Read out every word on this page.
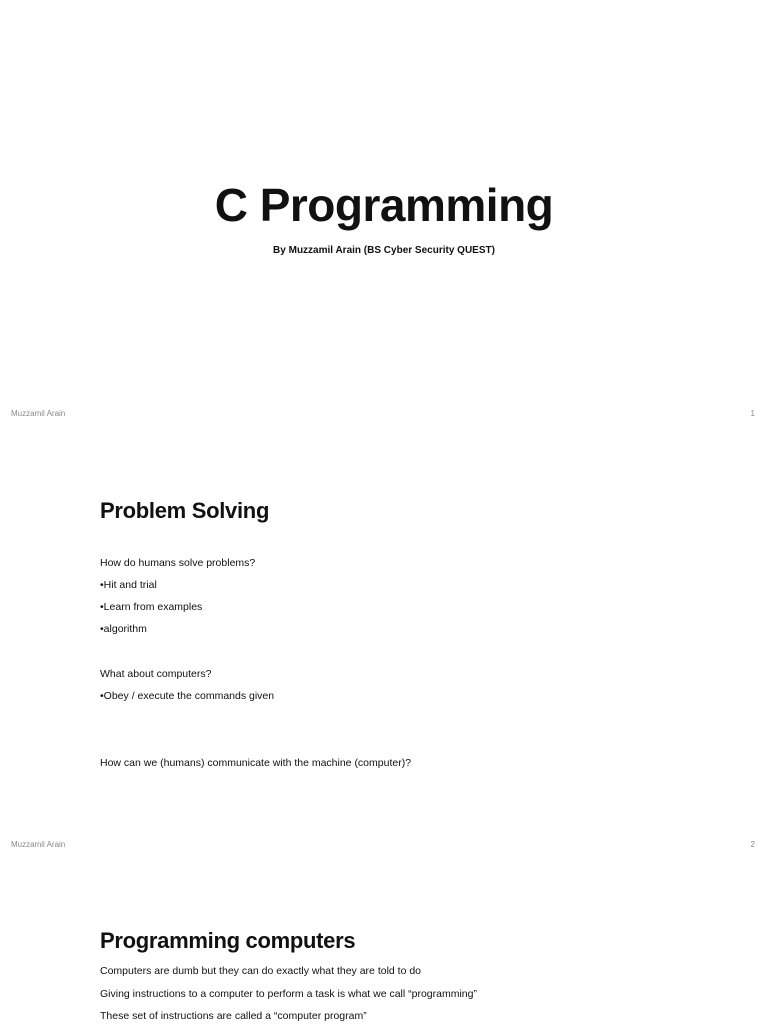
C Programming
By Muzzamil Arain (BS Cyber Security QUEST)
Muzzamil Arain	1
Problem Solving
How do humans solve problems?
•Hit and trial
•Learn from examples
•algorithm
What about computers?
•Obey / execute the commands given
How can we (humans) communicate with the machine (computer)?
Muzzamil Arain	2
Programming computers
Computers are dumb but they can do exactly what they are told to do
Giving instructions to a computer to perform a task is what we call “programming”
These set of instructions are called a “computer program”
